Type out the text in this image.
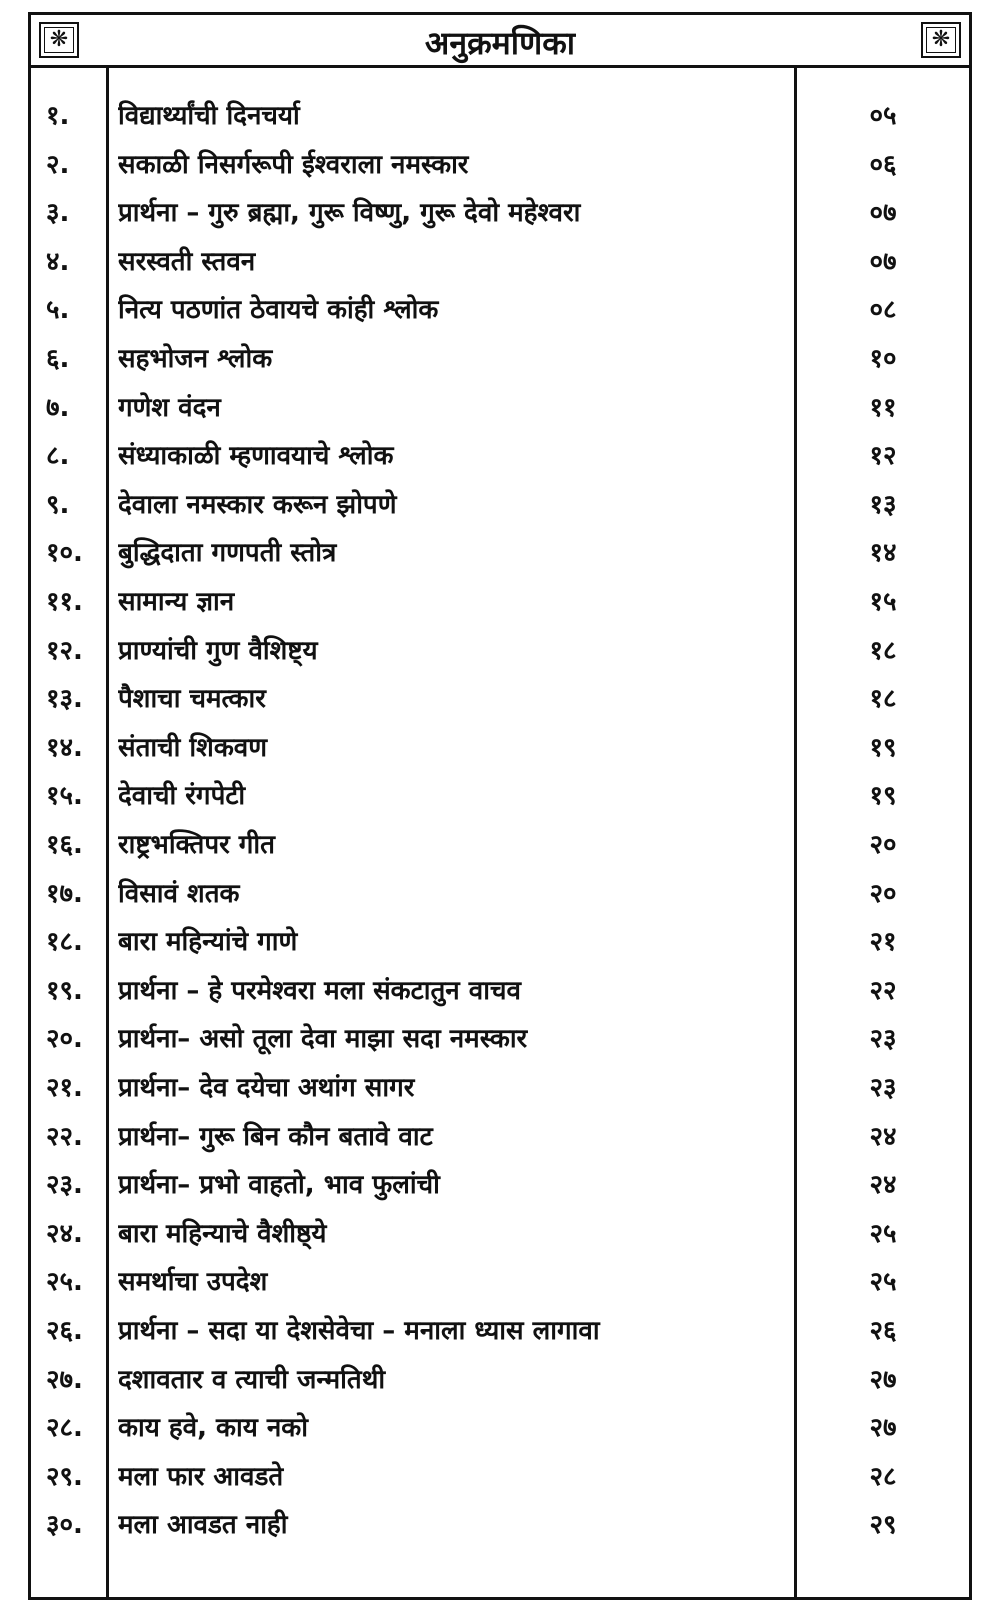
❋	अनुक्रमणिका	❋
१.	विद्यार्थ्यांची दिनचर्या	०५
२.	सकाळी निसर्गरूपी ईश्वराला नमस्कार	०६
३.	प्रार्थना – गुरु ब्रह्मा, गुरू विष्णु, गुरू देवो महेश्वरा	०७
४.	सरस्वती स्तवन	०७
५.	नित्य पठणांत ठेवायचे कांही श्लोक	०८
६.	सहभोजन श्लोक	१०
७.	गणेश वंदन	११
८.	संध्याकाळी म्हणावयाचे श्लोक	१२
९.	देवाला नमस्कार करून झोपणे	१३
१०.	बुद्धिदाता गणपती स्तोत्र	१४
११.	सामान्य ज्ञान	१५
१२.	प्राण्यांची गुण वैशिष्ट्य	१८
१३.	पैशाचा चमत्कार	१८
१४.	संताची शिकवण	१९
१५.	देवाची रंगपेटी	१९
१६.	राष्ट्रभक्तिपर गीत	२०
१७.	विसावं शतक	२०
१८.	बारा महिन्यांचे गाणे	२१
१९.	प्रार्थना – हे परमेश्वरा मला संकटातुन वाचव	२२
२०.	प्रार्थना– असो तूला देवा माझा सदा नमस्कार	२३
२१.	प्रार्थना– देव दयेचा अथांग सागर	२३
२२.	प्रार्थना– गुरू बिन कौन बतावे वाट	२४
२३.	प्रार्थना– प्रभो वाहतो, भाव फुलांची	२४
२४.	बारा महिन्याचे वैशीष्ठ्ये	२५
२५.	समर्थाचा उपदेश	२५
२६.	प्रार्थना – सदा या देशसेवेचा – मनाला ध्यास लागावा	२६
२७.	दशावतार व त्याची जन्मतिथी	२७
२८.	काय हवे, काय नको	२७
२९.	मला फार आवडते	२८
३०.	मला आवडत नाही	२९
